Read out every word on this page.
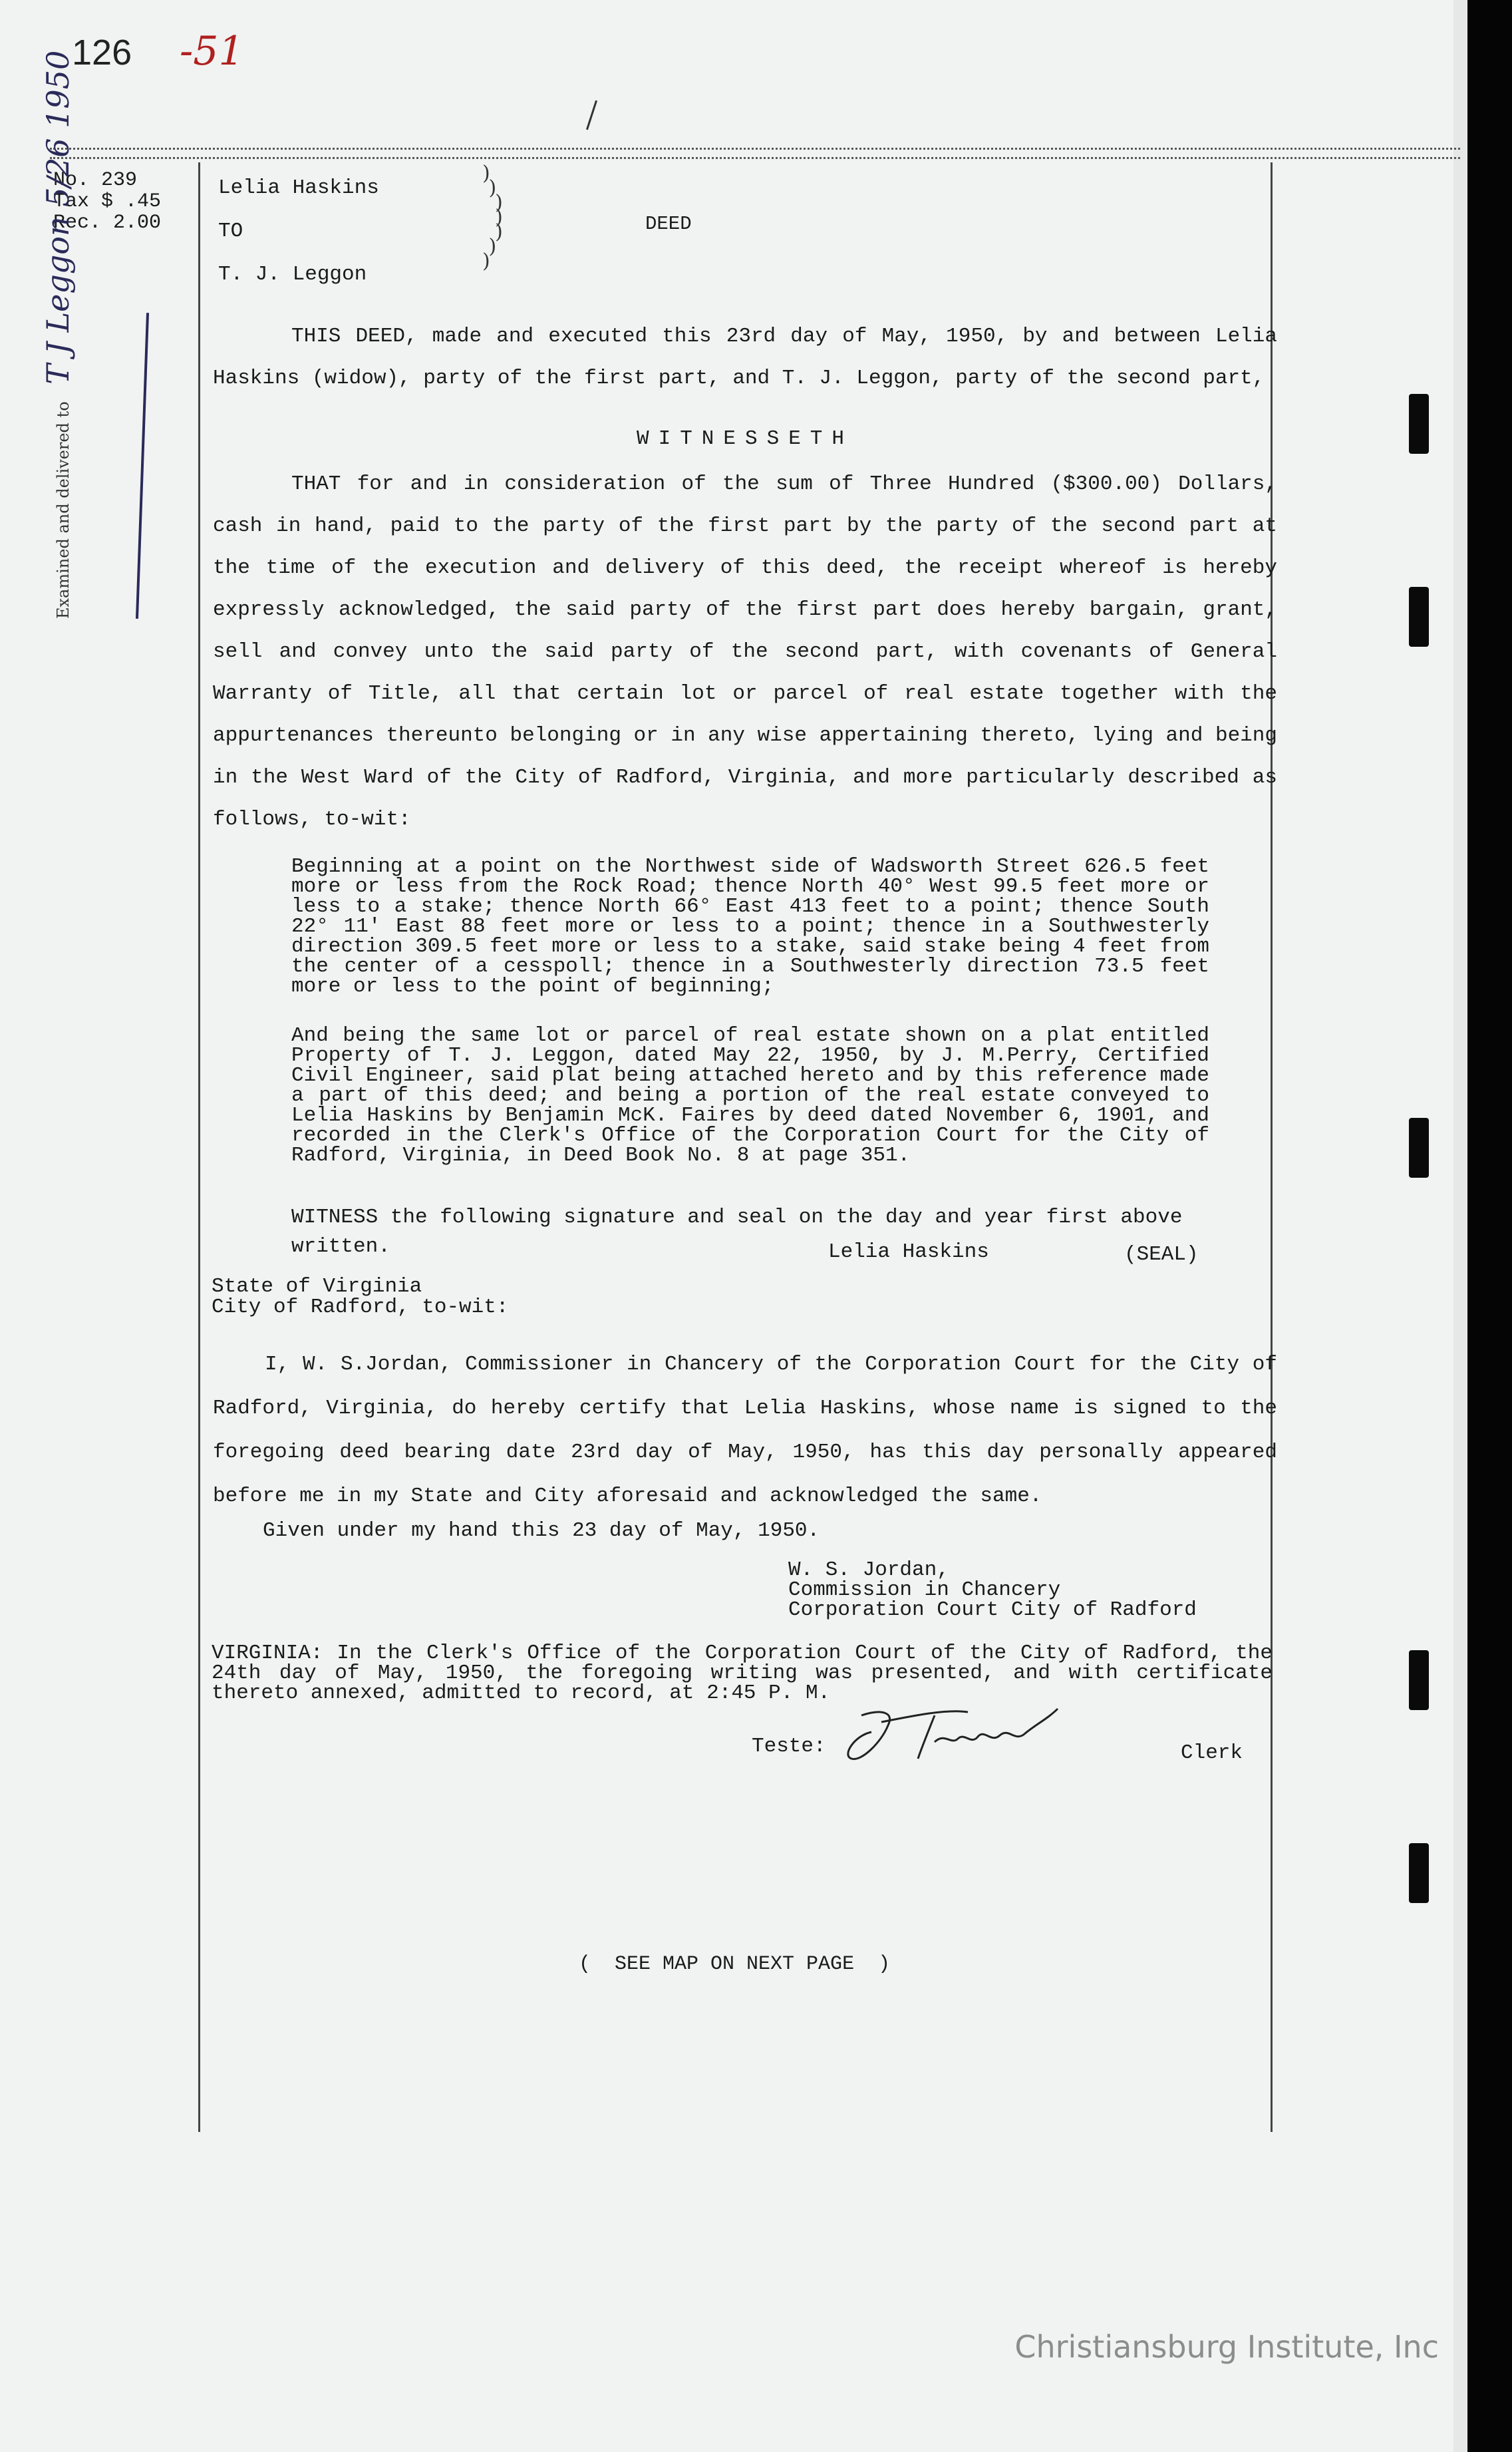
126 -51
No. 239
Tax $ .45
Rec. 2.00
Lelia Haskins
TO
T. J. Leggon
)
)
)
)
)
)
)
DEED
Examined and delivered to T J Leggon 5/26 1950	THIS DEED, made and executed this 23rd day of May, 1950, by and between Lelia Haskins (widow), party of the first part, and T. J. Leggon, party of the second part,
WITNESSETH
THAT for and in consideration of the sum of Three Hundred ($300.00) Dollars, cash in hand, paid to the party of the first part by the party of the second part at the time of the execution and delivery of this deed, the receipt whereof is hereby expressly acknowledged, the said party of the first part does hereby bargain, grant, sell and convey unto the said party of the second part, with covenants of General Warranty of Title, all that certain lot or parcel of real estate together with the appurtenances thereunto belonging or in any wise appertaining thereto, lying and being in the West Ward of the City of Radford, Virginia, and more particularly described as follows, to-wit:
Beginning at a point on the Northwest side of Wadsworth Street 626.5 feet more or less from the Rock Road; thence North 40° West 99.5 feet more or less to a stake; thence North 66° East 413 feet to a point; thence South 22° 11' East 88 feet more or less to a point; thence in a Southwesterly direction 309.5 feet more or less to a stake, said stake being 4 feet from the center of a cesspoll; thence in a Southwesterly direction 73.5 feet more or less to the point of beginning;
And being the same lot or parcel of real estate shown on a plat entitled Property of T. J. Leggon, dated May 22, 1950, by J. M.Perry, Certified Civil Engineer, said plat being attached hereto and by this reference made a part of this deed; and being a portion of the real estate conveyed to Lelia Haskins by Benjamin McK. Faires by deed dated November 6, 1901, and recorded in the Clerk's Office of the Corporation Court for the City of Radford, Virginia, in Deed Book No. 8 at page 351.
WITNESS the following signature and seal on the day and year first above
written.	Lelia Haskins	(SEAL)
State of Virginia
City of Radford, to-wit:
I, W. S.Jordan, Commissioner in Chancery of the Corporation Court for the City of Radford, Virginia, do hereby certify that Lelia Haskins, whose name is signed to the foregoing deed bearing date 23rd day of May, 1950, has this day personally appeared before me in my State and City aforesaid and acknowledged the same.
Given under my hand this 23 day of May, 1950.
W. S. Jordan,
Commission in Chancery
Corporation Court City of Radford
VIRGINIA: In the Clerk's Office of the Corporation Court of the City of Radford, the 24th day of May, 1950, the foregoing writing was presented, and with certificate thereto annexed, admitted to record, at 2:45 P. M.
Teste:	Clerk
(  SEE MAP ON NEXT PAGE  )
Christiansburg Institute, Inc
